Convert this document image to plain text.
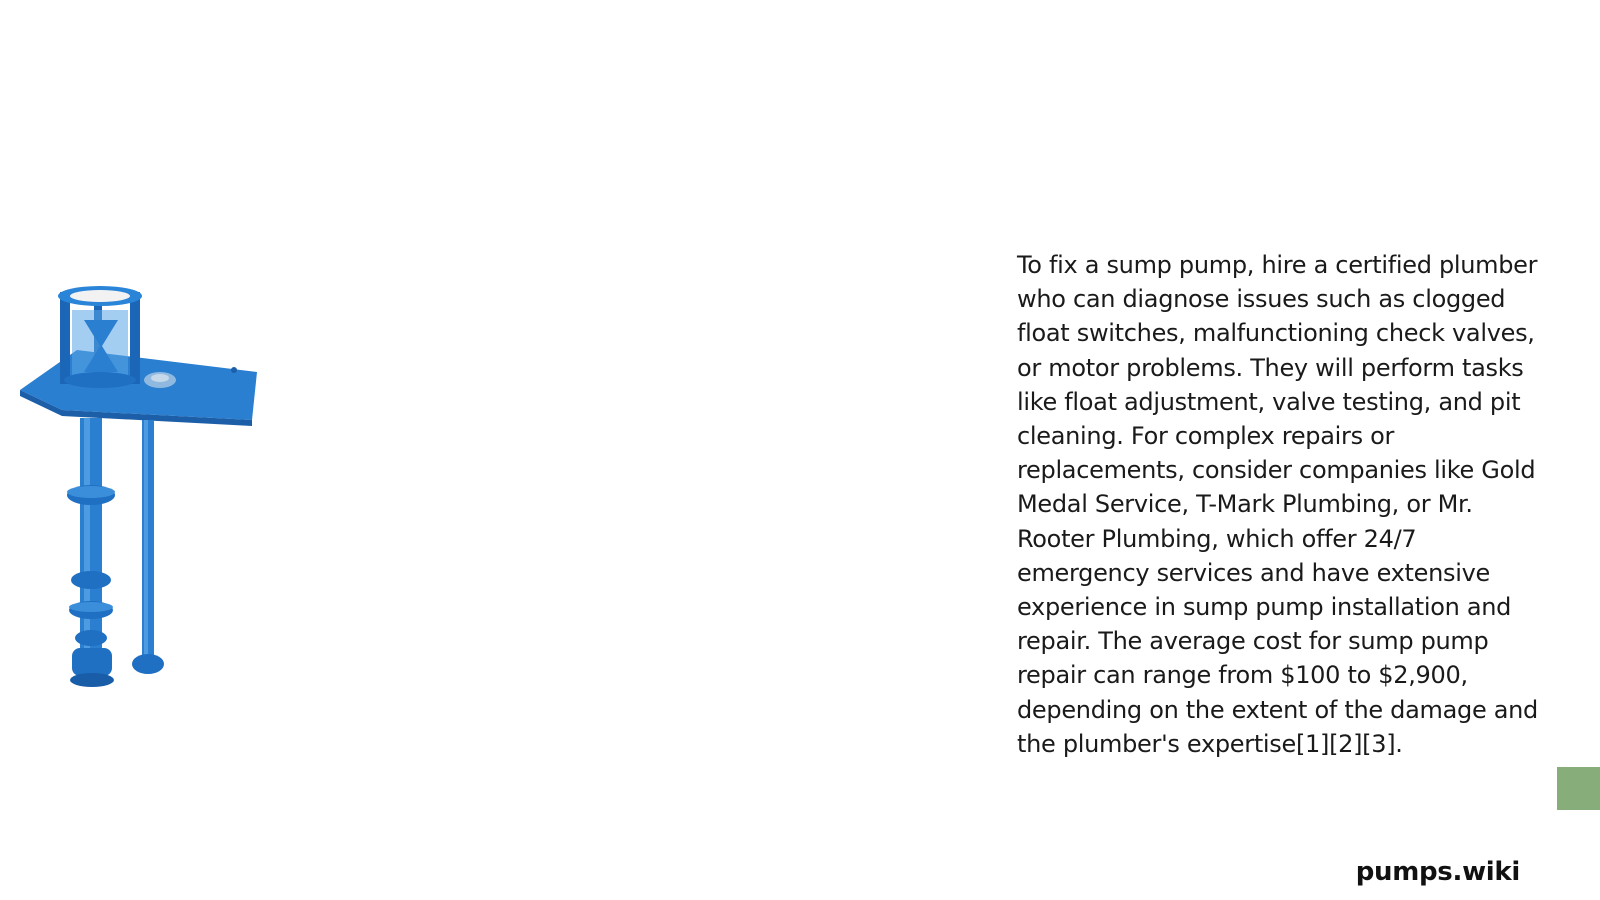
To fix a sump pump, hire a certified plumber who can diagnose issues such as clogged float switches, malfunctioning check valves, or motor problems. They will perform tasks like float adjustment, valve testing, and pit cleaning. For complex repairs or replacements, consider companies like Gold Medal Service, T-Mark Plumbing, or Mr. Rooter Plumbing, which offer 24/7 emergency services and have extensive experience in sump pump installation and repair. The average cost for sump pump repair can range from $100 to $2,900, depending on the extent of the damage and the plumber's expertise[1][2][3].

pumps.wiki
